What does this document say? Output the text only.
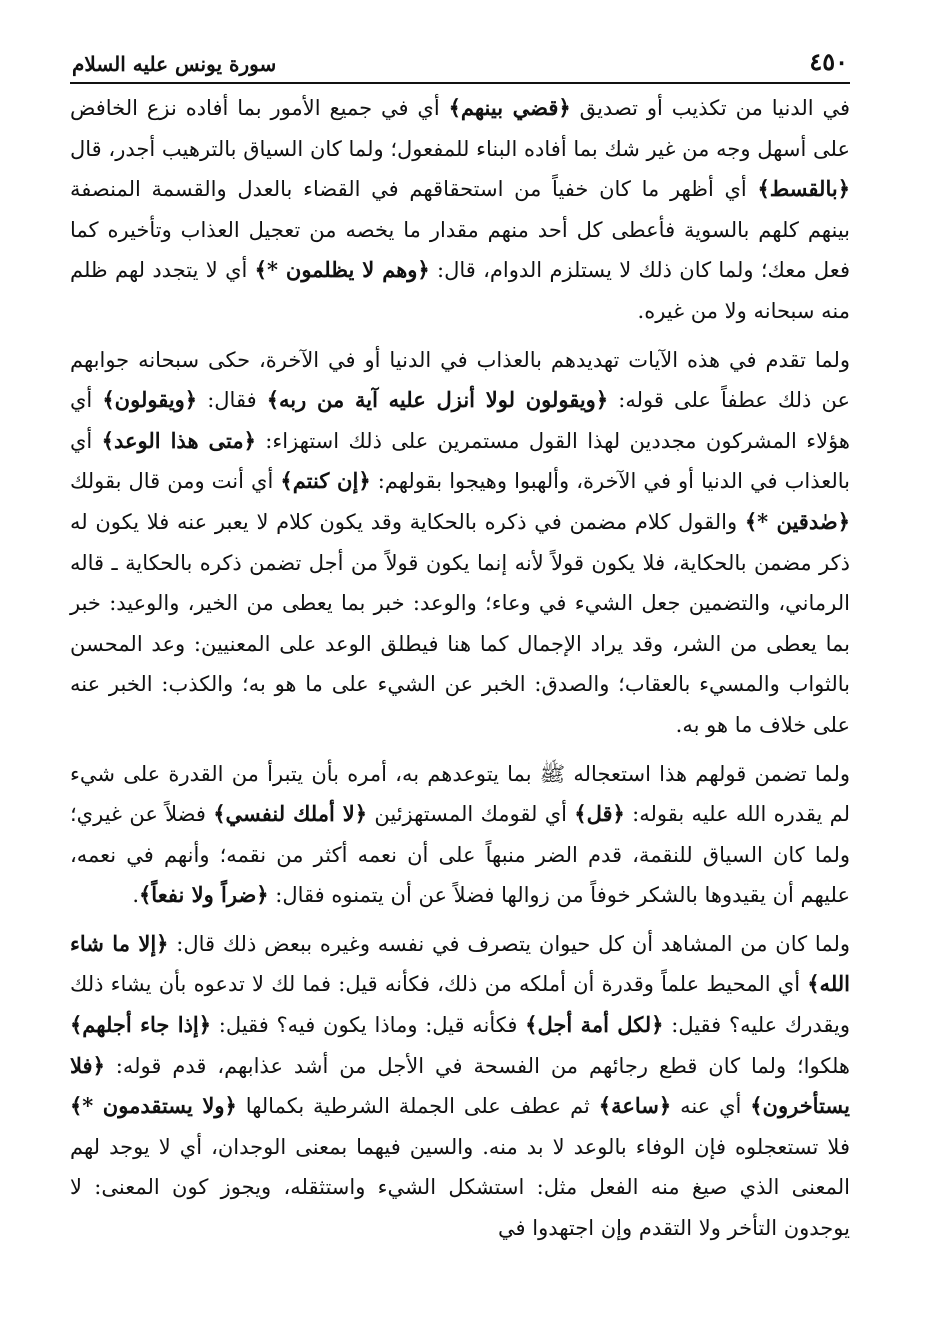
٤٥٠
سورة يونس عليه السلام

في الدنيا من تكذيب أو تصديق ﴿قضي بينهم﴾ أي في جميع الأمور بما أفاده نزع الخافض على أسهل وجه من غير شك بما أفاده البناء للمفعول؛ ولما كان السياق بالترهيب أجدر، قال ﴿بالقسط﴾ أي أظهر ما كان خفياً من استحقاقهم في القضاء بالعدل والقسمة المنصفة بينهم كلهم بالسوية فأعطى كل أحد منهم مقدار ما يخصه من تعجيل العذاب وتأخيره كما فعل معك؛ ولما كان ذلك لا يستلزم الدوام، قال: ﴿وهم لا يظلمون *﴾ أي لا يتجدد لهم ظلم منه سبحانه ولا من غيره.

ولما تقدم في هذه الآيات تهديدهم بالعذاب في الدنيا أو في الآخرة، حكى سبحانه جوابهم عن ذلك عطفاً على قوله: ﴿ويقولون لولا أنزل عليه آية من ربه﴾ فقال: ﴿ويقولون﴾ أي هؤلاء المشركون مجددين لهذا القول مستمرين على ذلك استهزاء: ﴿متى هذا الوعد﴾ أي بالعذاب في الدنيا أو في الآخرة، وألهبوا وهيجوا بقولهم: ﴿إن كنتم﴾ أي أنت ومن قال بقولك ﴿صٰدقين *﴾ والقول كلام مضمن في ذكره بالحكاية وقد يكون كلام لا يعبر عنه فلا يكون له ذكر مضمن بالحكاية، فلا يكون قولاً لأنه إنما يكون قولاً من أجل تضمن ذكره بالحكاية ـ قاله الرماني، والتضمين جعل الشيء في وعاء؛ والوعد: خبر بما يعطى من الخير، والوعيد: خبر بما يعطى من الشر، وقد يراد الإجمال كما هنا فيطلق الوعد على المعنيين: وعد المحسن بالثواب والمسيء بالعقاب؛ والصدق: الخبر عن الشيء على ما هو به؛ والكذب: الخبر عنه على خلاف ما هو به.

ولما تضمن قولهم هذا استعجاله ﷺ بما يتوعدهم به، أمره بأن يتبرأ من القدرة على شيء لم يقدره الله عليه بقوله: ﴿قل﴾ أي لقومك المستهزئين ﴿لا أملك لنفسي﴾ فضلاً عن غيري؛ ولما كان السياق للنقمة، قدم الضر منبهاً على أن نعمه أكثر من نقمه؛ وأنهم في نعمه، عليهم أن يقيدوها بالشكر خوفاً من زوالها فضلاً عن أن يتمنوه فقال: ﴿ضراً ولا نفعاً﴾.

ولما كان من المشاهد أن كل حيوان يتصرف في نفسه وغيره ببعض ذلك قال: ﴿إلا ما شاء الله﴾ أي المحيط علماً وقدرة أن أملكه من ذلك، فكأنه قيل: فما لك لا تدعوه بأن يشاء ذلك ويقدرك عليه؟ فقيل: ﴿لكل أمة أجل﴾ فكأنه قيل: وماذا يكون فيه؟ فقيل: ﴿إذا جاء أجلهم﴾ هلكوا؛ ولما كان قطع رجائهم من الفسحة في الأجل من أشد عذابهم، قدم قوله: ﴿فلا يستأخرون﴾ أي عنه ﴿ساعة﴾ ثم عطف على الجملة الشرطية بكمالها ﴿ولا يستقدمون *﴾ فلا تستعجلوه فإن الوفاء بالوعد لا بد منه. والسين فيهما بمعنى الوجدان، أي لا يوجد لهم المعنى الذي صيغ منه الفعل مثل: استشكل الشيء واستثقله، ويجوز كون المعنى: لا يوجدون التأخر ولا التقدم وإن اجتهدوا في
